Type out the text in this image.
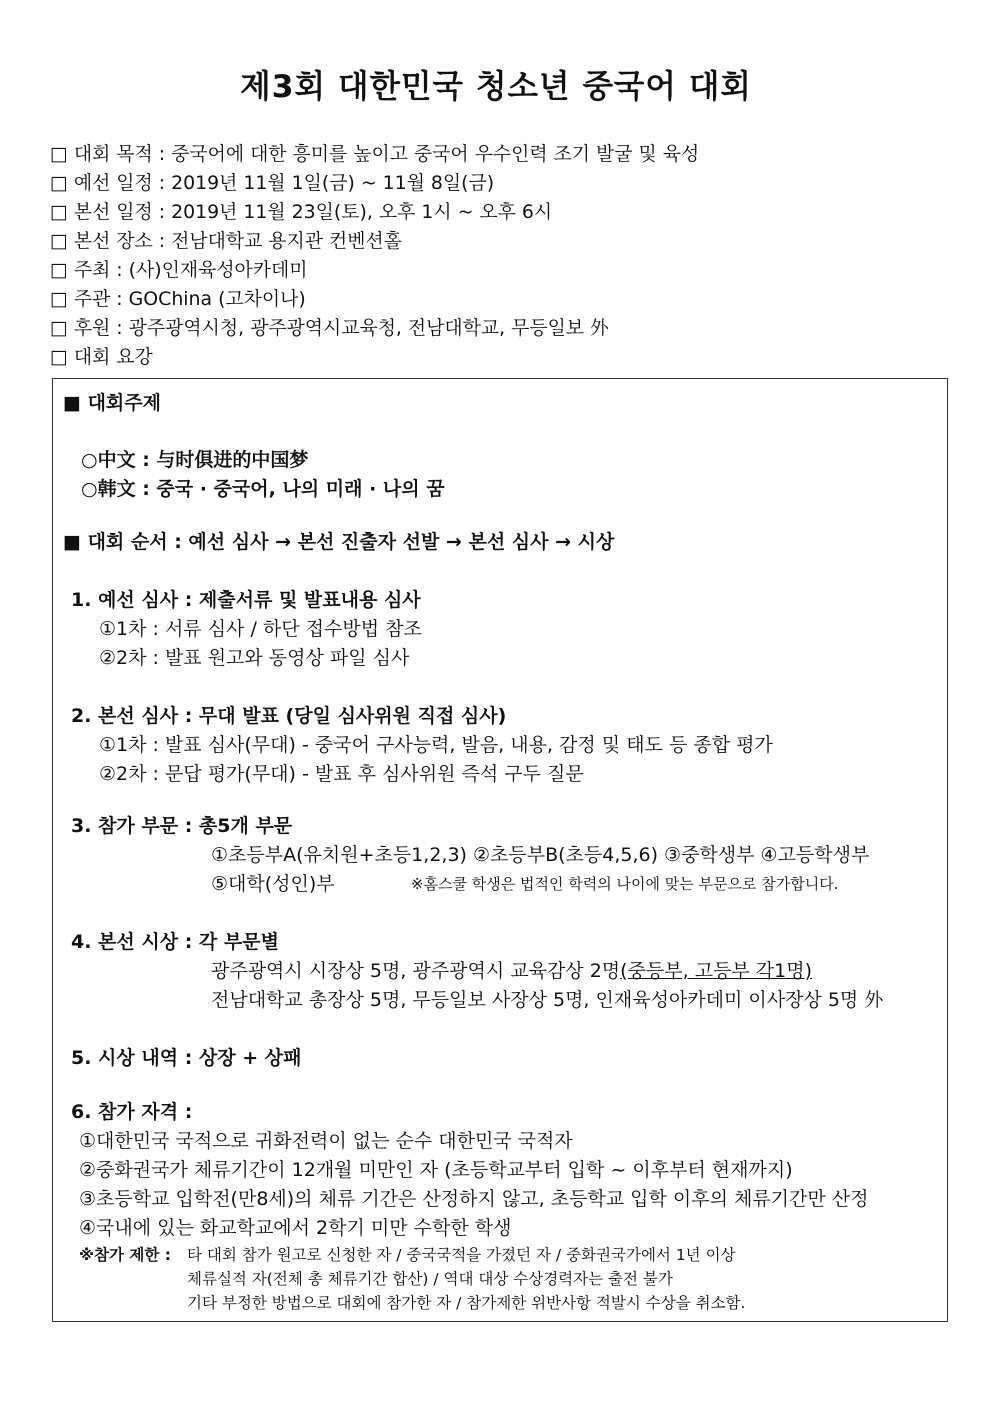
제3회 대한민국 청소년 중국어 대회
□ 대회 목적 : 중국어에 대한 흥미를 높이고 중국어 우수인력 조기 발굴 및 육성
□ 예선 일정 : 2019년 11월 1일(금) ~ 11월 8일(금)
□ 본선 일정 : 2019년 11월 23일(토), 오후 1시 ~ 오후 6시
□ 본선 장소 : 전남대학교 용지관 컨벤션홀
□ 주최 : (사)인재육성아카데미
□ 주관 : GOChina (고차이나)
□ 후원 : 광주광역시청, 광주광역시교육청, 전남대학교, 무등일보 外
□ 대회 요강
■ 대회주제
○中文 : 与时俱进的中国梦
○韩文 : 중국 · 중국어, 나의 미래 · 나의 꿈
■ 대회 순서 : 예선 심사 → 본선 진출자 선발 → 본선 심사 → 시상
1. 예선 심사 : 제출서류 및 발표내용 심사
①1차 : 서류 심사 / 하단 접수방법 참조
②2차 : 발표 원고와 동영상 파일 심사
2. 본선 심사 : 무대 발표 (당일 심사위원 직접 심사)
①1차 : 발표 심사(무대) - 중국어 구사능력, 발음, 내용, 감정 및 태도 등 종합 평가
②2차 : 문답 평가(무대) - 발표 후 심사위원 즉석 구두 질문
3. 참가 부문 : 총5개 부문
①초등부A(유치원+초등1,2,3) ②초등부B(초등4,5,6) ③중학생부 ④고등학생부
⑤대학(성인)부	※홈스쿨 학생은 법적인 학력의 나이에 맞는 부문으로 참가합니다.
4. 본선 시상 : 각 부문별
광주광역시 시장상 5명, 광주광역시 교육감상 2명(중등부, 고등부 각1명)
전남대학교 총장상 5명, 무등일보 사장상 5명, 인재육성아카데미 이사장상 5명 外
5. 시상 내역 : 상장 + 상패
6. 참가 자격 :
①대한민국 국적으로 귀화전력이 없는 순수 대한민국 국적자
②중화권국가 체류기간이 12개월 미만인 자 (초등학교부터 입학 ~ 이후부터 현재까지)
③초등학교 입학전(만8세)의 체류 기간은 산정하지 않고, 초등학교 입학 이후의 체류기간만 산정
④국내에 있는 화교학교에서 2학기 미만 수학한 학생
※참가 제한 : 타 대회 참가 원고로 신청한 자 / 중국국적을 가졌던 자 / 중화권국가에서 1년 이상
체류실적 자(전체 총 체류기간 합산) / 역대 대상 수상경력자는 출전 불가
기타 부정한 방법으로 대회에 참가한 자 / 참가제한 위반사항 적발시 수상을 취소함.
